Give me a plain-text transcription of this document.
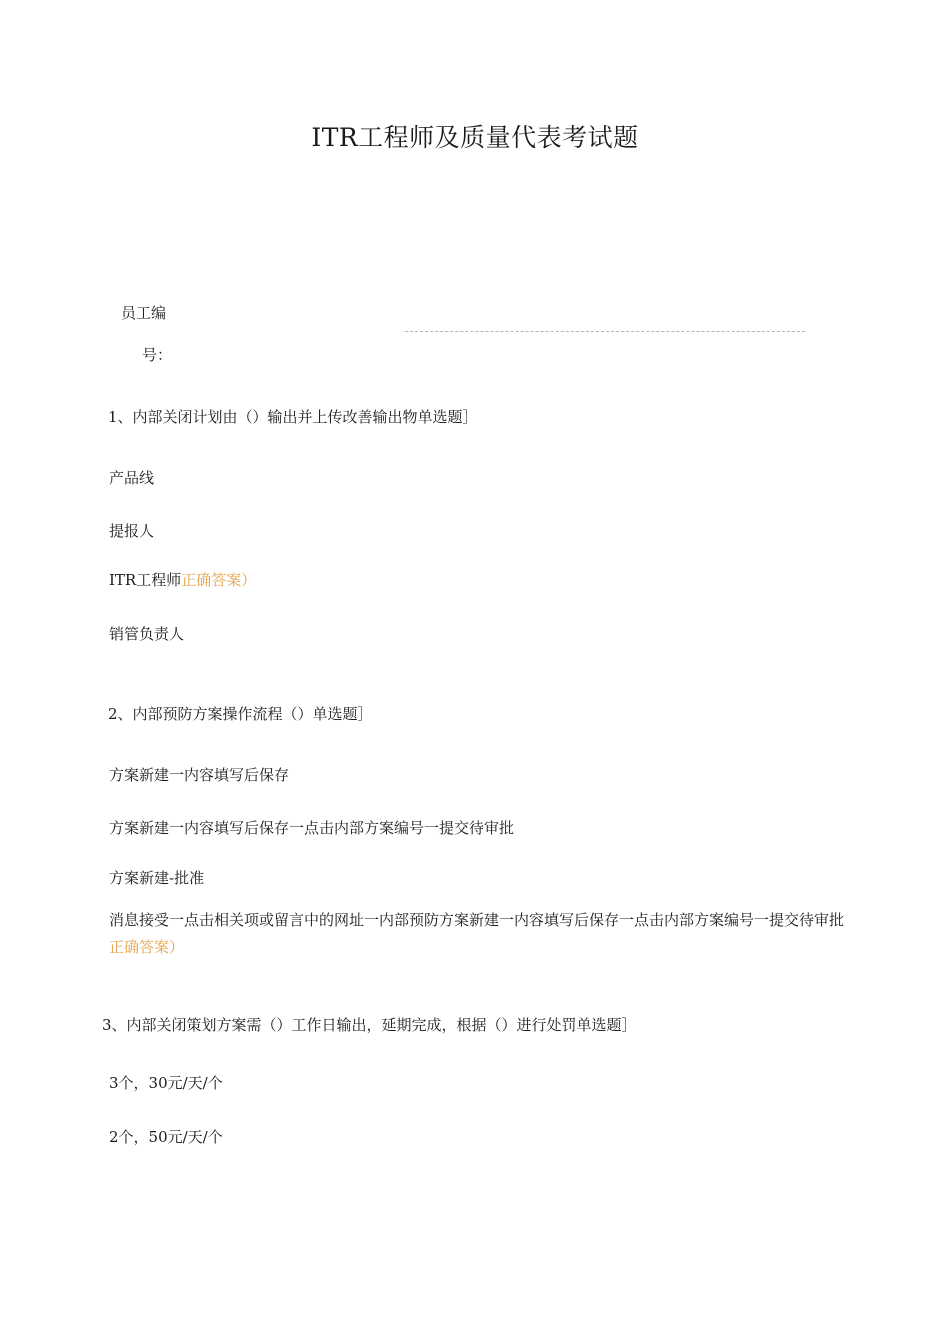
ITR工程师及质量代表考试题
员工编
号：
1、内部关闭计划由（）输出并上传改善输出物单选题］
产品线
提报人
ITR工程师正确答案）
销管负责人
2、内部预防方案操作流程（）单选题］
方案新建一内容填写后保存
方案新建一内容填写后保存一点击内部方案编号一提交待审批
方案新建-批准
消息接受一点击相关项或留言中的网址一内部预防方案新建一内容填写后保存一点击内部方案编号一提交待审批正确答案）
3、内部关闭策划方案需（）工作日输出，延期完成，根据（）进行处罚单选题］
3个，30元/天/个
2个，50元/天/个
